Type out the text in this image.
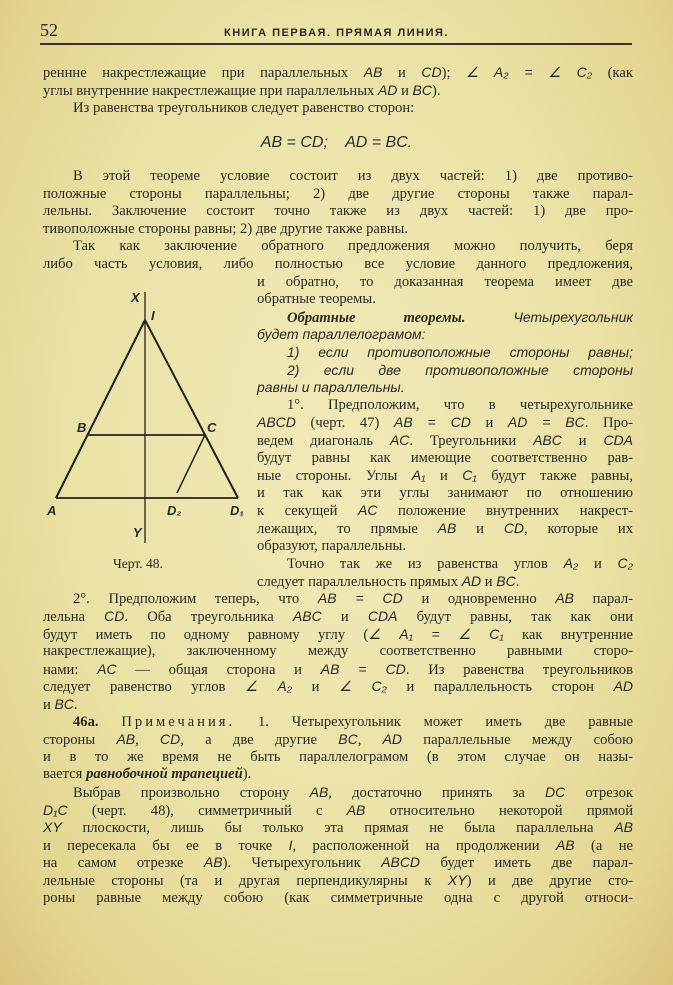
52	КНИГА ПЕРВАЯ. ПРЯМАЯ ЛИНИЯ.
реннне накрестлежащие при параллельных AB и CD); ∠ A₂ = ∠ C₂ (как
углы внутренние накрестлежащие при параллельных AD и BC).
Из равенства треугольников следует равенство сторон:
В этой теореме условие состоит из двух частей: 1) две противо-
положные стороны параллельны; 2) две другие стороны также парал-
лельны. Заключение состоит точно также из двух частей: 1) две про-
тивоположные стороны равны; 2) две другие также равны.
Так как заключение обратного предложения можно получить, беря
либо часть условия, либо полностью все условие данного предложения,
и обратно, то доказанная теорема имеет две
обратные теоремы.
Обратные теоремы.	Четырехугольник
будет параллелограмом:
1) если противоположные стороны равны;
2) если две противоположные стороны
равны и параллельны.
1°. Предположим, что в четырехугольнике
ABCD (черт. 47) AB = CD и AD = BC. Про-
ведем диагональ AC. Треугольники ABC и CDA
будут равны как имеющие соответственно рав-
ные стороны. Углы A₁ и C₁ будут также равны,
и так как эти углы занимают по отношению
к секущей AC положение внутренних накрест-
лежащих, то прямые AB и CD, которые их
образуют, параллельны.
Точно так же из равенства углов A₂ и C₂
следует параллельность прямых AD и BC.
2°. Предположим теперь, что AB = CD и одновременно AB парал-
лельна CD. Оба треугольника ABC и CDA будут равны, так как они
будут иметь по одному равному углу (∠ A₁ = ∠ C₁ как внутренние
накрестлежащие), заключенному между соответственно равными сторо-
нами: AC — общая сторона и AB = CD. Из равенства треугольников
следует равенство углов ∠ A₂ и ∠ C₂ и параллельность сторон AD
и BC.
46а. Примечания. 1. Четырехугольник может иметь две равные
стороны AB, CD, а две другие BC, AD параллельные между собою
и в то же время не быть параллелограмом (в этом случае он назы-
вается равнобочной трапецией).
Выбрав произвольно сторону AB, достаточно принять за DC отрезок
D₁C (черт. 48), симметричный с AB относительно некоторой прямой
XY плоскости, лишь бы только эта прямая не была параллельна AB
и пересекала бы ее в точке I, расположенной на продолжении AB (а не
на самом отрезке AB). Четырехугольник ABCD будет иметь две парал-
лельные стороны (та и другая перпендикулярны к XY) и две другие сто-
роны равные между собою (как симметричные одна с другой относи-
AB = CD;    AD = BC.
X
I
B	C
A	D₂	D₁
Y
Черт. 48.
